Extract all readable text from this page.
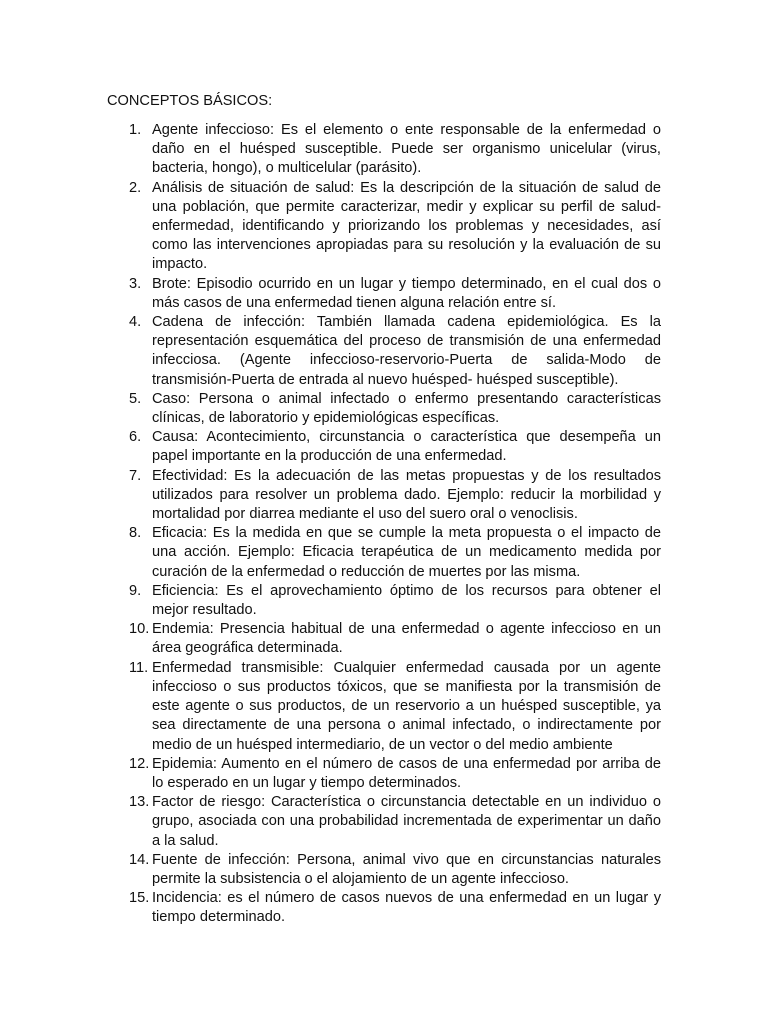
CONCEPTOS BÁSICOS:
1. Agente infeccioso: Es el elemento o ente responsable de la enfermedad o daño en el huésped susceptible. Puede ser organismo unicelular (virus, bacteria, hongo), o multicelular (parásito).
2. Análisis de situación de salud: Es la descripción de la situación de salud de una población, que permite caracterizar, medir y explicar su perfil de salud-enfermedad, identificando y priorizando los problemas y necesidades, así como las intervenciones apropiadas para su resolución y la evaluación de su impacto.
3. Brote: Episodio ocurrido en un lugar y tiempo determinado, en el cual dos o más casos de una enfermedad tienen alguna relación entre sí.
4. Cadena de infección: También llamada cadena epidemiológica. Es la representación esquemática del proceso de transmisión de una enfermedad infecciosa. (Agente infeccioso-reservorio-Puerta de salida-Modo de transmisión-Puerta de entrada al nuevo huésped- huésped susceptible).
5. Caso: Persona o animal infectado o enfermo presentando características clínicas, de laboratorio y epidemiológicas específicas.
6. Causa: Acontecimiento, circunstancia o característica que desempeña un papel importante en la producción de una enfermedad.
7. Efectividad: Es la adecuación de las metas propuestas y de los resultados utilizados para resolver un problema dado. Ejemplo: reducir la morbilidad y mortalidad por diarrea mediante el uso del suero oral o venoclisis.
8. Eficacia: Es la medida en que se cumple la meta propuesta o el impacto de una acción. Ejemplo: Eficacia terapéutica de un medicamento medida por curación de la enfermedad o reducción de muertes por las misma.
9. Eficiencia: Es el aprovechamiento óptimo de los recursos para obtener el mejor resultado.
10. Endemia: Presencia habitual de una enfermedad o agente infeccioso en un área geográfica determinada.
11. Enfermedad transmisible: Cualquier enfermedad causada por un agente infeccioso o sus productos tóxicos, que se manifiesta por la transmisión de este agente o sus productos, de un reservorio a un huésped susceptible, ya sea directamente de una persona o animal infectado, o indirectamente por medio de un huésped intermediario, de un vector o del medio ambiente
12. Epidemia: Aumento en el número de casos de una enfermedad por arriba de lo esperado en un lugar y tiempo determinados.
13. Factor de riesgo: Característica o circunstancia detectable en un individuo o grupo, asociada con una probabilidad incrementada de experimentar un daño a la salud.
14. Fuente de infección: Persona, animal vivo que en circunstancias naturales permite la subsistencia o el alojamiento de un agente infeccioso.
15. Incidencia: es el número de casos nuevos de una enfermedad en un lugar y tiempo determinado.
